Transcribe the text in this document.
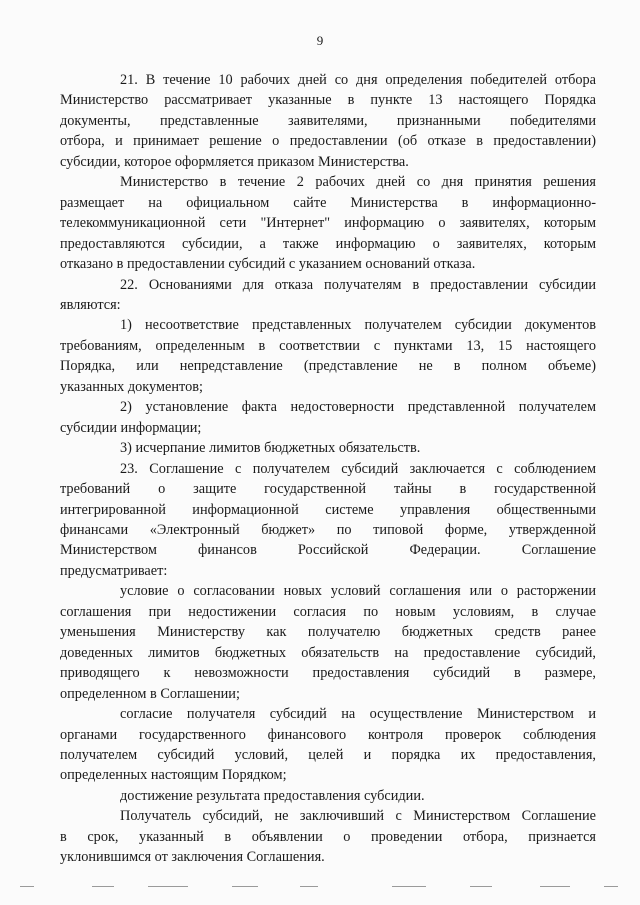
9

21. В течение 10 рабочих дней со дня определения победителей отбора

Министерство рассматривает указанные в пункте 13 настоящего Порядка

документы, представленные заявителями, признанными победителями

отбора, и принимает решение о предоставлении (об отказе в предоставлении)

субсидии, которое оформляется приказом Министерства.

Министерство в течение 2 рабочих дней со дня принятия решения

размещает на официальном сайте Министерства в информационно-

телекоммуникационной сети "Интернет" информацию о заявителях, которым

предоставляются субсидии, а также информацию о заявителях, которым

отказано в предоставлении субсидий с указанием оснований отказа.

22. Основаниями для отказа получателям в предоставлении субсидии

являются:

1) несоответствие представленных получателем субсидии документов

требованиям, определенным в соответствии с пунктами 13, 15 настоящего

Порядка, или непредставление (представление не в полном объеме)

указанных документов;

2) установление факта недостоверности представленной получателем

субсидии информации;

3) исчерпание лимитов бюджетных обязательств.

23. Соглашение с получателем субсидий заключается с соблюдением

требований о защите государственной тайны в государственной

интегрированной информационной системе управления общественными

финансами «Электронный бюджет» по типовой форме, утвержденной

Министерством финансов Российской Федерации. Соглашение

предусматривает:

условие о согласовании новых условий соглашения или о расторжении

соглашения при недостижении согласия по новым условиям, в случае

уменьшения Министерству как получателю бюджетных средств ранее

доведенных лимитов бюджетных обязательств на предоставление субсидий,

приводящего к невозможности предоставления субсидий в размере,

определенном в Соглашении;

согласие получателя субсидий на осуществление Министерством и

органами государственного финансового контроля проверок соблюдения

получателем субсидий условий, целей и порядка их предоставления,

определенных настоящим Порядком;

достижение результата предоставления субсидии.

Получатель субсидий, не заключивший с Министерством Соглашение

в срок, указанный в объявлении о проведении отбора, признается

уклонившимся от заключения Соглашения.
